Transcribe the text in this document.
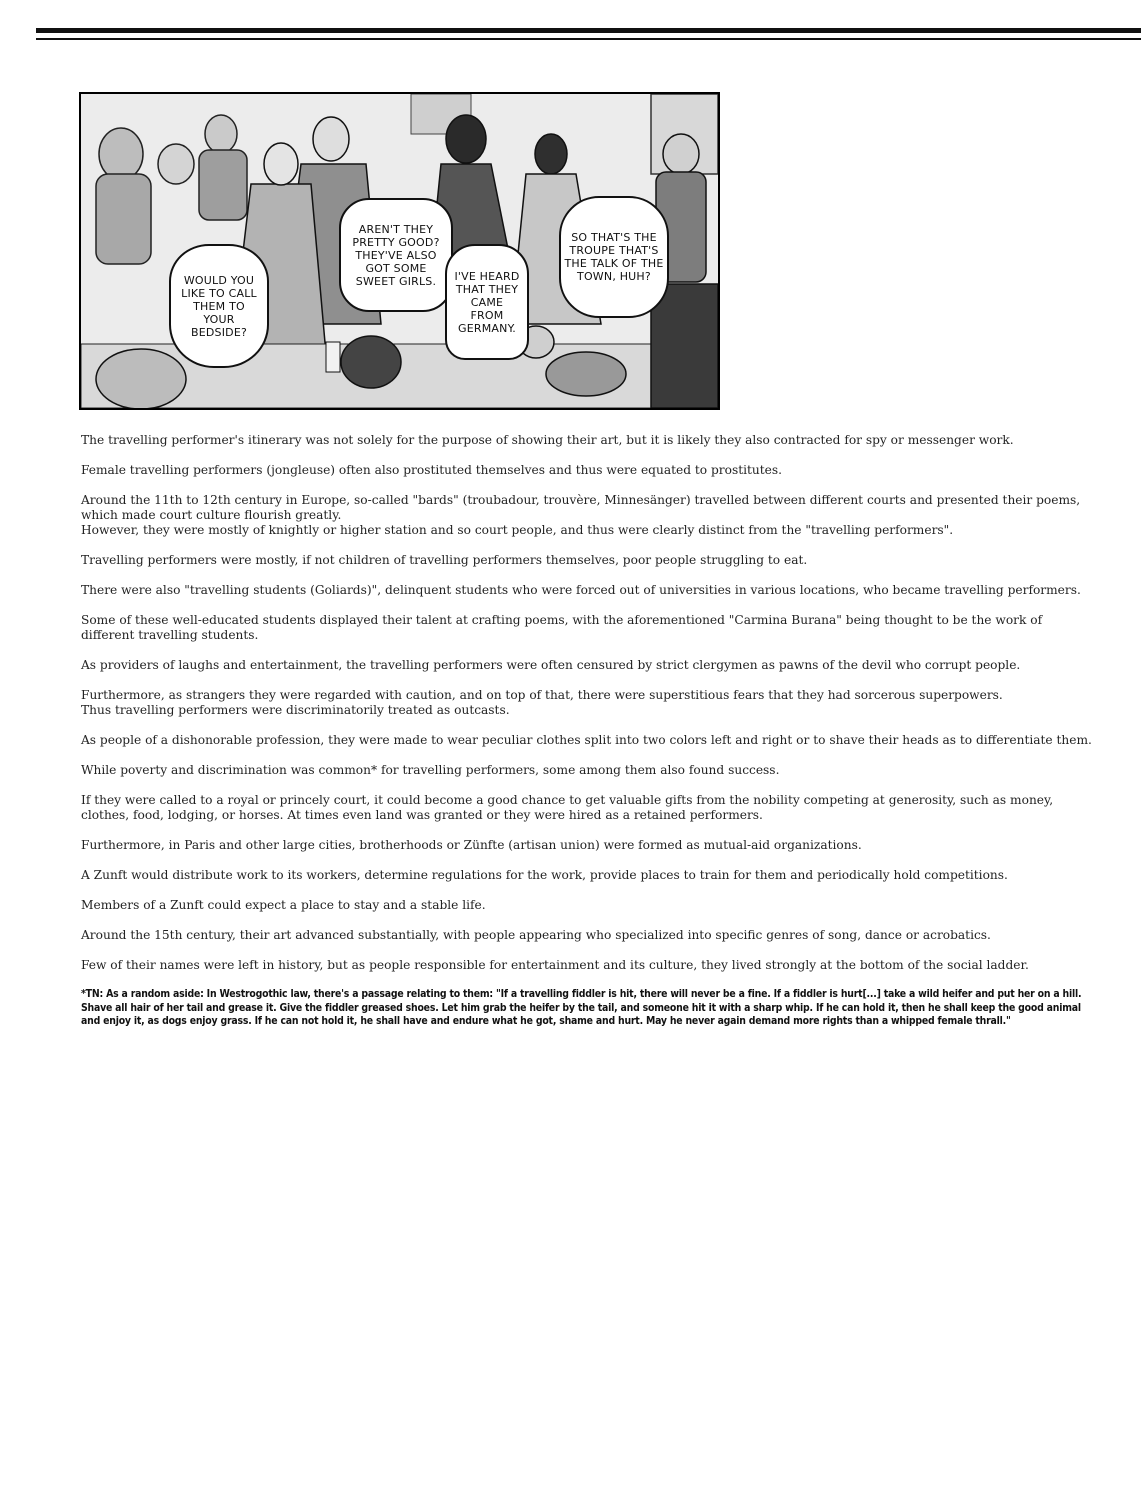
WOULD YOU
LIKE TO CALL
THEM TO
YOUR
BEDSIDE?
AREN'T THEY
PRETTY GOOD?
THEY'VE ALSO
GOT SOME
SWEET GIRLS.	I'VE HEARD
THAT THEY
CAME
FROM
GERMANY.
SO THAT'S THE
TROUPE THAT'S
THE TALK OF THE
TOWN, HUH?

The travelling performer's itinerary was not solely for the purpose of showing their art, but it is likely they also contracted for spy or messenger work.

Female travelling performers (jongleuse) often also prostituted themselves and thus were equated to prostitutes.

Around the 11th to 12th century in Europe, so-called "bards" (troubadour, trouvère, Minnesänger) travelled between different courts and presented their poems, which made court culture flourish greatly.
However, they were mostly of knightly or higher station and so court people, and thus were clearly distinct from the "travelling performers".

Travelling performers were mostly, if not children of travelling performers themselves, poor people struggling to eat.

There were also "travelling students (Goliards)", delinquent students who were forced out of universities in various locations, who became travelling performers.

Some of these well-educated students displayed their talent at crafting poems, with the aforementioned "Carmina Burana" being thought to be the work of different travelling students.

As providers of laughs and entertainment, the travelling performers were often censured by strict clergymen as pawns of the devil who corrupt people.

Furthermore, as strangers they were regarded with caution, and on top of that, there were superstitious fears that they had sorcerous superpowers.
Thus travelling performers were discriminatorily treated as outcasts.

As people of a dishonorable profession, they were made to wear peculiar clothes split into two colors left and right or to shave their heads as to differentiate them.

While poverty and discrimination was common* for travelling performers, some among them also found success.

If they were called to a royal or princely court, it could become a good chance to get valuable gifts from the nobility competing at generosity, such as money, clothes, food, lodging, or horses. At times even land was granted or they were hired as a retained performers.

Furthermore, in Paris and other large cities, brotherhoods or Zünfte (artisan union) were formed as mutual-aid organizations.

A Zunft would distribute work to its workers, determine regulations for the work, provide places to train for them and periodically hold competitions.

Members of a Zunft could expect a place to stay and a stable life.

Around the 15th century, their art advanced substantially, with people appearing who specialized into specific genres of song, dance or acrobatics.

Few of their names were left in history, but as people responsible for entertainment and its culture, they lived strongly at the bottom of the social ladder.

*TN: As a random aside: In Westrogothic law, there's a passage relating to them: "If a travelling fiddler is hit, there will never be a fine. If a fiddler is hurt[...] take a wild heifer and put her on a hill. Shave all hair of her tail and grease it. Give the fiddler greased shoes. Let him grab the heifer by the tail, and someone hit it with a sharp whip. If he can hold it, then he shall keep the good animal and enjoy it, as dogs enjoy grass. If he can not hold it, he shall have and endure what he got, shame and hurt. May he never again demand more rights than a whipped female thrall."
